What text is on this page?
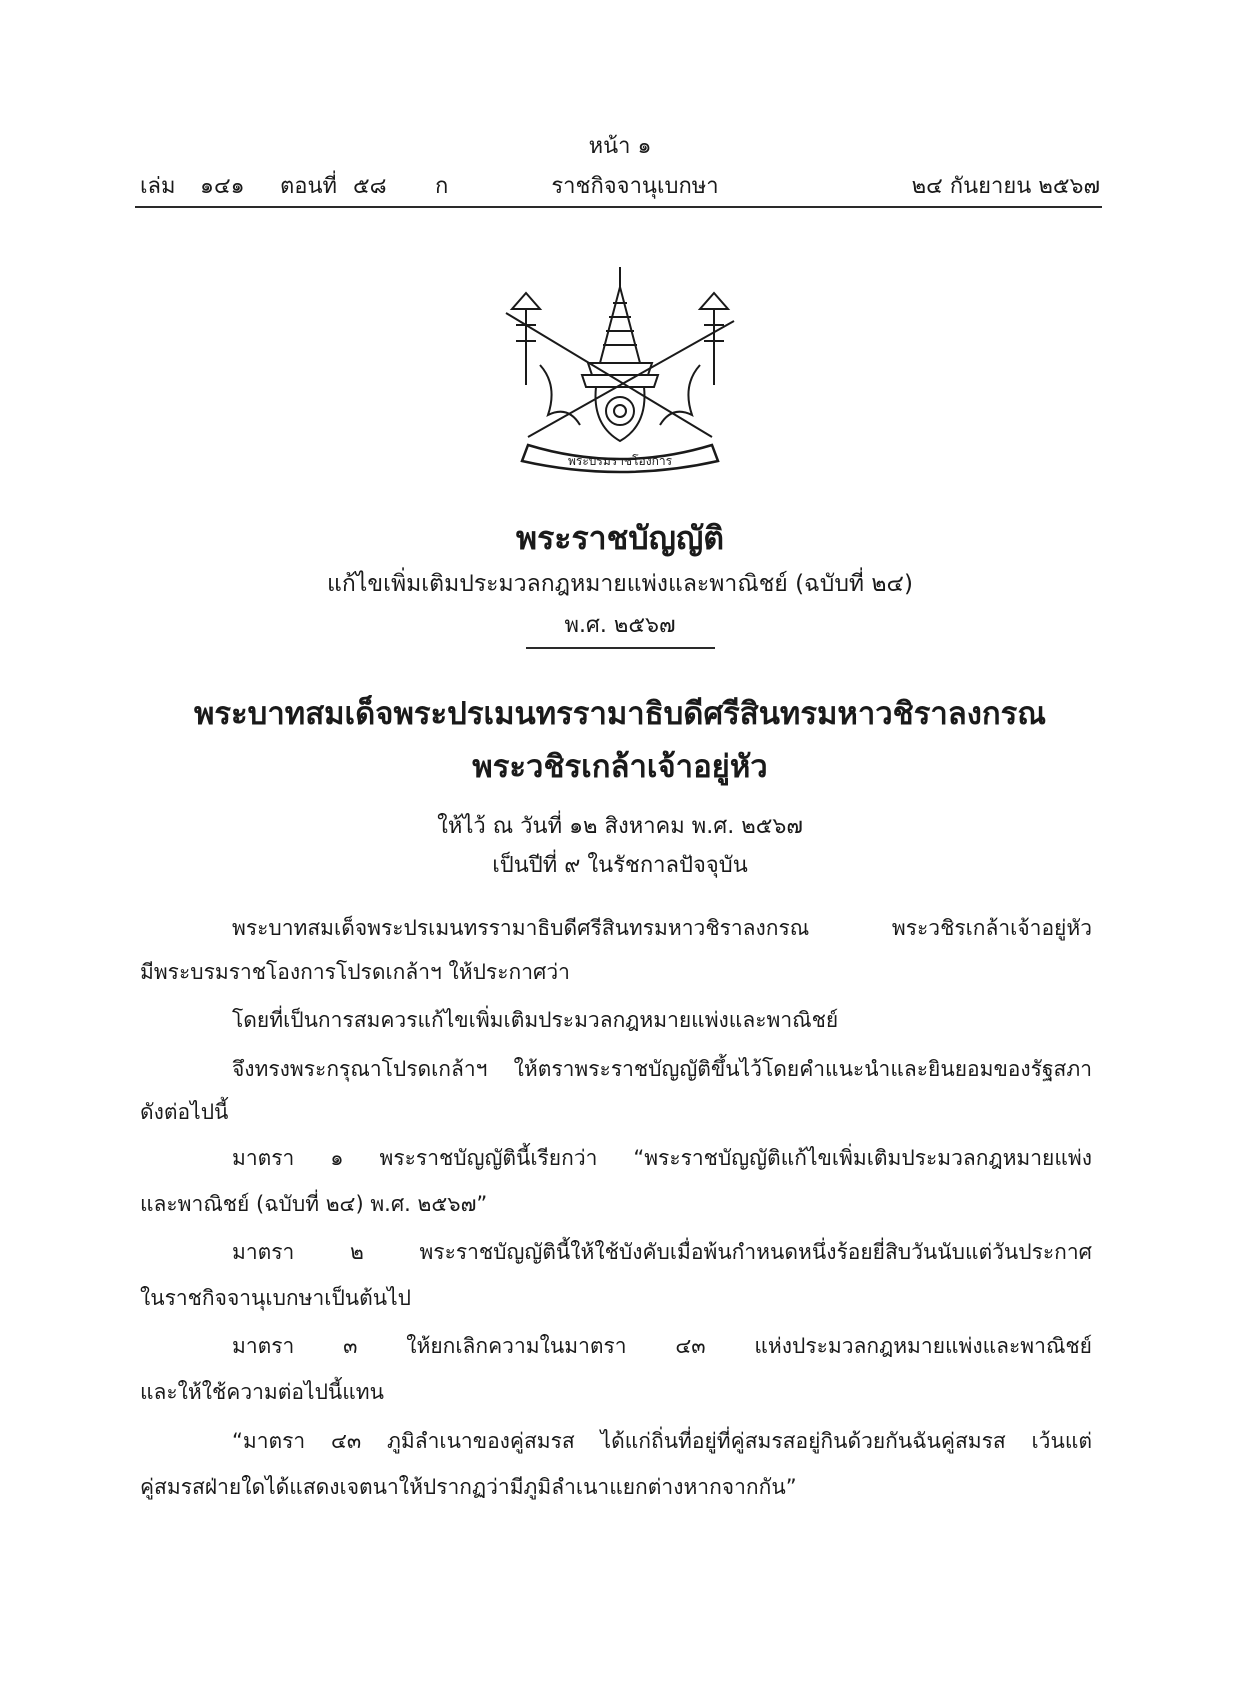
หน้า ๑
เล่ม ๑๔๑ ตอนที่ ๕๘ ก	ราชกิจจานุเบกษา	๒๔ กันยายน ๒๕๖๗
พระบรมราชโองการ
พระราชบัญญัติ
แก้ไขเพิ่มเติมประมวลกฎหมายแพ่งและพาณิชย์ (ฉบับที่ ๒๔)
พ.ศ. ๒๕๖๗
พระบาทสมเด็จพระปรเมนทรรามาธิบดีศรีสินทรมหาวชิราลงกรณ
พระวชิรเกล้าเจ้าอยู่หัว
ให้ไว้ ณ วันที่ ๑๒ สิงหาคม พ.ศ. ๒๕๖๗
เป็นปีที่ ๙ ในรัชกาลปัจจุบัน
พระบาทสมเด็จพระปรเมนทรรามาธิบดีศรีสินทรมหาวชิราลงกรณ พระวชิรเกล้าเจ้าอยู่หัว
มีพระบรมราชโองการโปรดเกล้าฯ ให้ประกาศว่า
โดยที่เป็นการสมควรแก้ไขเพิ่มเติมประมวลกฎหมายแพ่งและพาณิชย์
จึงทรงพระกรุณาโปรดเกล้าฯ ให้ตราพระราชบัญญัติขึ้นไว้โดยคำแนะนำและยินยอมของรัฐสภา
ดังต่อไปนี้
มาตรา ๑ พระราชบัญญัตินี้เรียกว่า “พระราชบัญญัติแก้ไขเพิ่มเติมประมวลกฎหมายแพ่ง
และพาณิชย์ (ฉบับที่ ๒๔) พ.ศ. ๒๕๖๗”
มาตรา ๒ พระราชบัญญัตินี้ให้ใช้บังคับเมื่อพ้นกำหนดหนึ่งร้อยยี่สิบวันนับแต่วันประกาศ
ในราชกิจจานุเบกษาเป็นต้นไป
มาตรา ๓ ให้ยกเลิกความในมาตรา ๔๓ แห่งประมวลกฎหมายแพ่งและพาณิชย์
และให้ใช้ความต่อไปนี้แทน
“มาตรา ๔๓ ภูมิลำเนาของคู่สมรส ได้แก่ถิ่นที่อยู่ที่คู่สมรสอยู่กินด้วยกันฉันคู่สมรส เว้นแต่
คู่สมรสฝ่ายใดได้แสดงเจตนาให้ปรากฏว่ามีภูมิลำเนาแยกต่างหากจากกัน”
